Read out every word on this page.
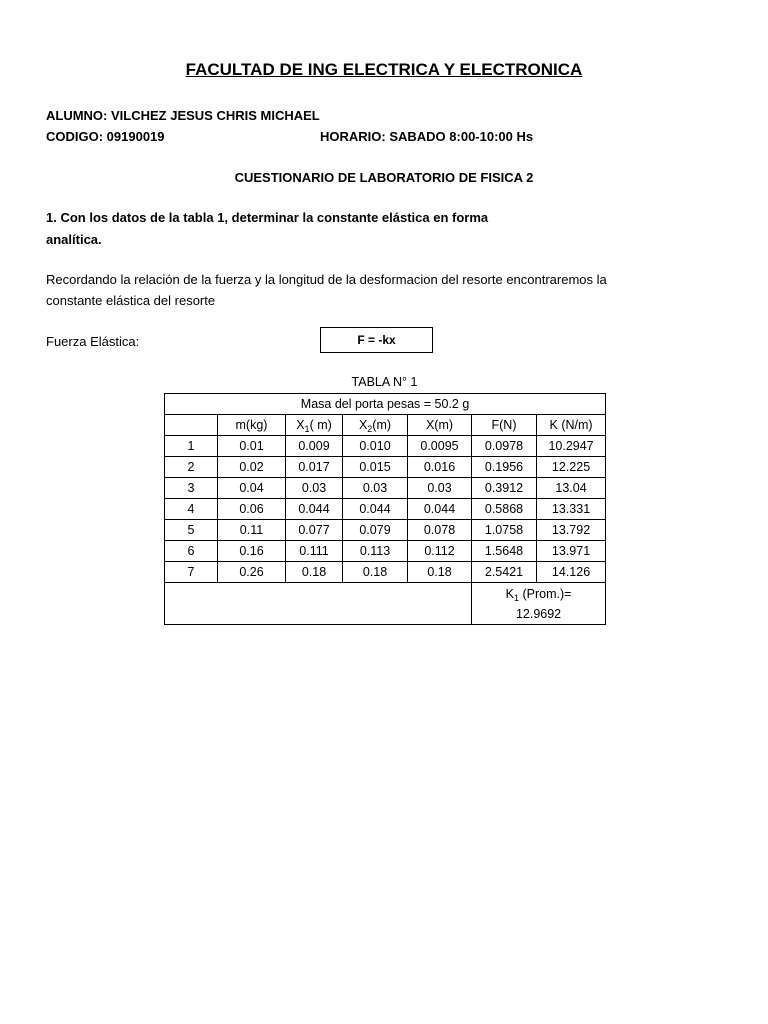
FACULTAD DE ING ELECTRICA Y ELECTRONICA
ALUMNO: VILCHEZ JESUS CHRIS MICHAEL
CODIGO: 09190019	HORARIO: SABADO 8:00-10:00 Hs
CUESTIONARIO DE LABORATORIO DE FISICA 2
1. Con los datos de la tabla 1, determinar la constante elástica en forma
analítica.
Recordando la relación de la fuerza y la longitud de la desformacion del resorte encontraremos la
constante elástica del resorte
Fuerza Elástica:	F = -kx
TABLA N° 1
Masa del porta pesas = 50.2 g						
	m(kg)	$X_1$( m)	$X_2(m)$	X(m)	F(N)	K (N/m)
1	0.01	0.009	0.010	0.0095	0.0978	10.2947
2	0.02	0.017	0.015	0.016	0.1956	12.225
3	0.04	0.03	0.03	0.03	0.3912	13.04
4	0.06	0.044	0.044	0.044	0.5868	13.331
5	0.11	0.077	0.079	0.078	1.0758	13.792
6	0.16	0.111	0.113	0.112	1.5648	13.971
7	0.26	0.18	0.18	0.18	2.5421	14.126

					$K_1$ (Prom.)=
12.9692	
